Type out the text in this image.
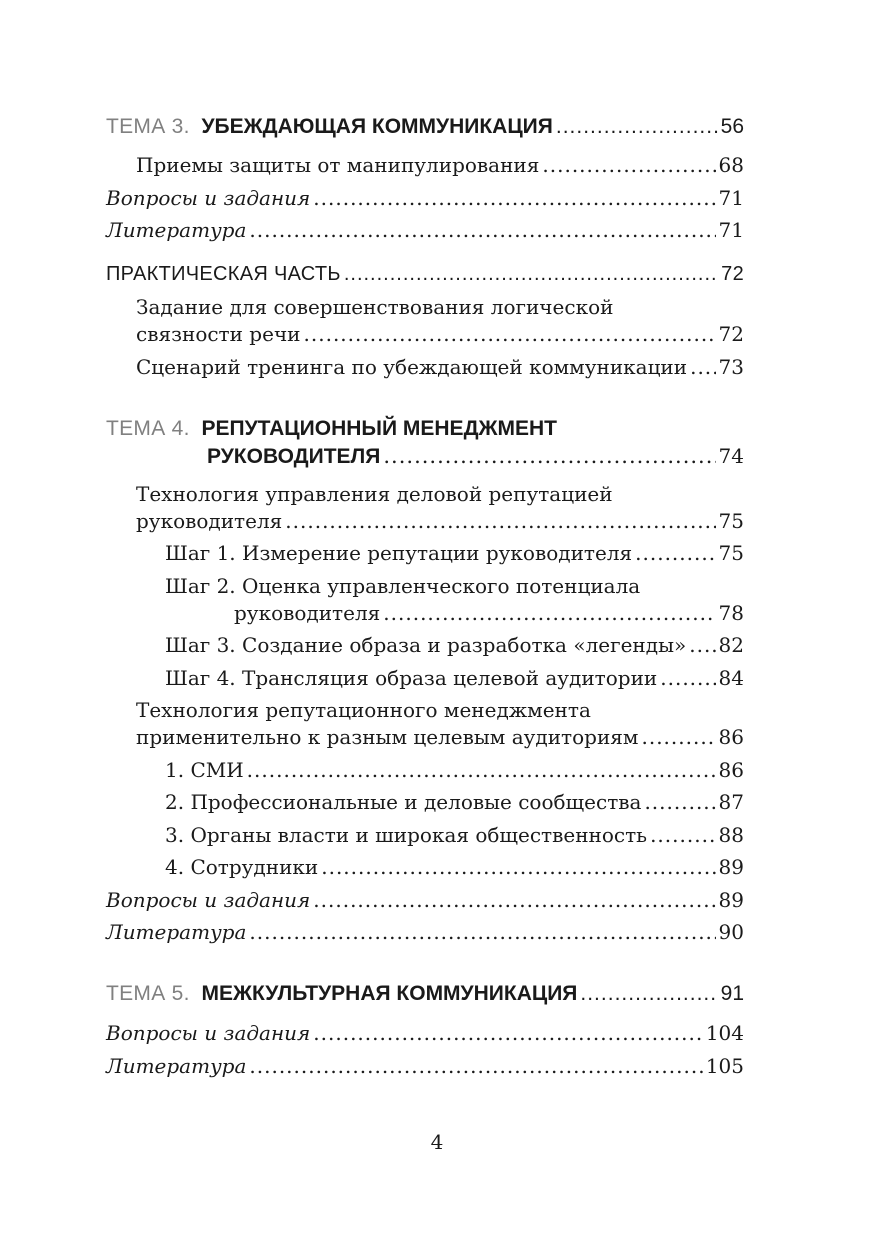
ТЕМА 3. УБЕЖДАЮЩАЯ КОММУНИКАЦИЯ .....	56
Приемы защиты от манипулирования .....	68
Вопросы и задания .....	71
Литература .....	71
ПРАКТИЧЕСКАЯ ЧАСТЬ .....	72
Задание для совершенствования логической
связности речи .....	72
Сценарий тренинга по убеждающей коммуникации ..... 73
ТЕМА 4. РЕПУТАЦИОННЫЙ МЕНЕДЖМЕНТ
РУКОВОДИТЕЛЯ .....	74
Технология управления деловой репутацией
руководителя .....	75
Шаг 1. Измерение репутации руководителя .....	75
Шаг 2. Оценка управленческого потенциала
руководителя .....	78
Шаг 3. Создание образа и разработка «легенды» ..... 82
Шаг 4. Трансляция образа целевой аудитории .....	84
Технология репутационного менеджмента
применительно к разным целевым аудиториям .....	86
1. СМИ .....	86
2. Профессиональные и деловые сообщества .....	87
3. Органы власти и широкая общественность .....	88
4. Сотрудники .....	89
Вопросы и задания .....	89
Литература .....	90
ТЕМА 5. МЕЖКУЛЬТУРНАЯ КОММУНИКАЦИЯ .....	91
Вопросы и задания .....	104
Литература .....	105
4
